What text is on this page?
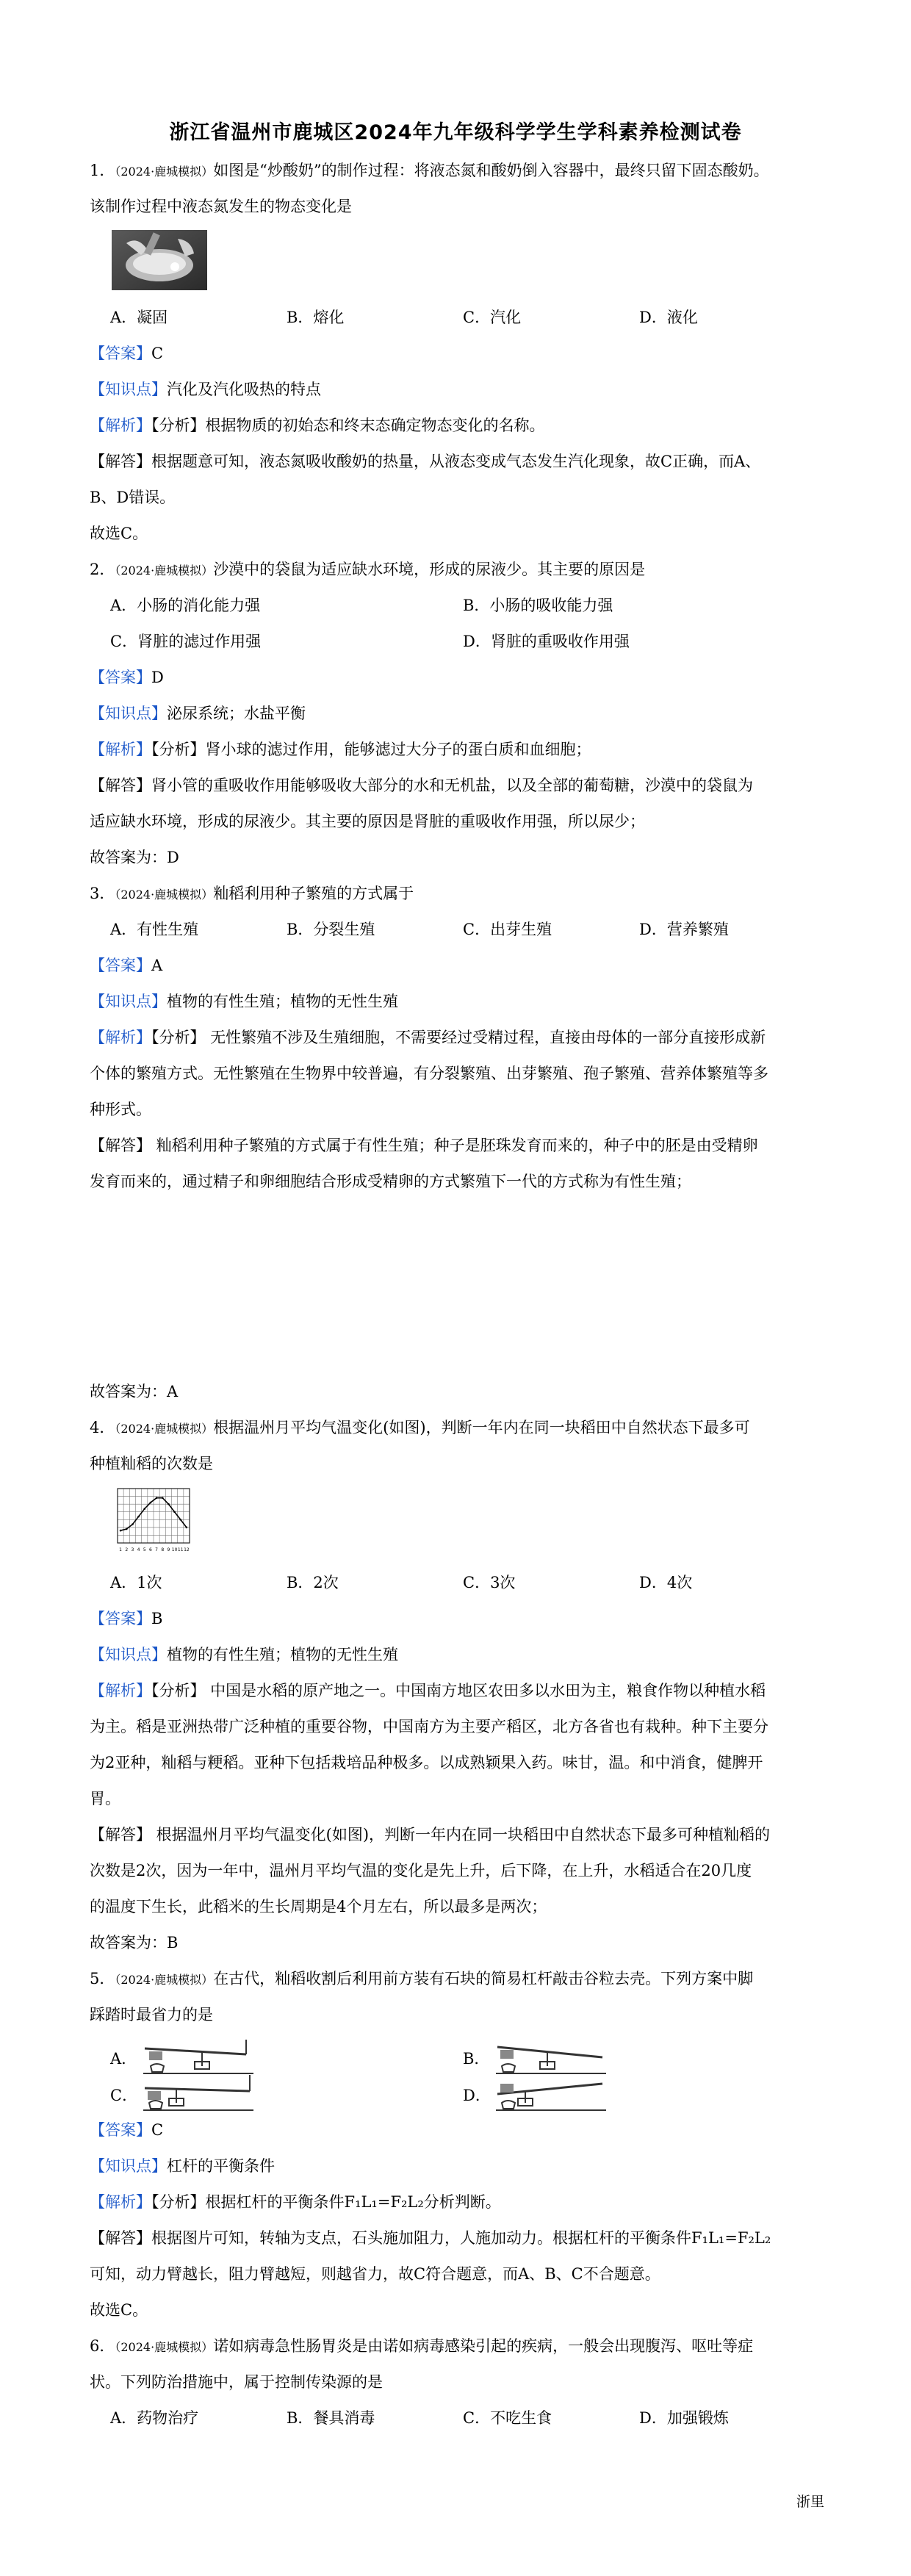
浙江省温州市鹿城区2024年九年级科学学生学科素养检测试卷
1．（2024·鹿城模拟）如图是“炒酸奶”的制作过程：将液态氮和酸奶倒入容器中，最终只留下固态酸奶。
该制作过程中液态氮发生的物态变化是
A．凝固	B．熔化	C．汽化	D．液化
【答案】C
【知识点】汽化及汽化吸热的特点
【解析】【分析】根据物质的初始态和终末态确定物态变化的名称。
【解答】根据题意可知，液态氮吸收酸奶的热量，从液态变成气态发生汽化现象，故C正确，而A、
B、D错误。
故选C。
2．（2024·鹿城模拟）沙漠中的袋鼠为适应缺水环境，形成的尿液少。其主要的原因是
A．小肠的消化能力强	B．小肠的吸收能力强
C．肾脏的滤过作用强	D．肾脏的重吸收作用强
【答案】D
【知识点】泌尿系统；水盐平衡
【解析】【分析】肾小球的滤过作用，能够滤过大分子的蛋白质和血细胞；
【解答】肾小管的重吸收作用能够吸收大部分的水和无机盐，以及全部的葡萄糖，沙漠中的袋鼠为
适应缺水环境，形成的尿液少。其主要的原因是肾脏的重吸收作用强，所以尿少；
故答案为：D
3．（2024·鹿城模拟）籼稻利用种子繁殖的方式属于
A．有性生殖	B．分裂生殖	C．出芽生殖	D．营养繁殖
【答案】A
【知识点】植物的有性生殖；植物的无性生殖
【解析】【分析】 无性繁殖不涉及生殖细胞，不需要经过受精过程，直接由母体的一部分直接形成新
个体的繁殖方式。无性繁殖在生物界中较普遍，有分裂繁殖、出芽繁殖、孢子繁殖、营养体繁殖等多
种形式。
【解答】 籼稻利用种子繁殖的方式属于有性生殖；种子是胚珠发育而来的，种子中的胚是由受精卵
发育而来的，通过精子和卵细胞结合形成受精卵的方式繁殖下一代的方式称为有性生殖；
故答案为：A
4．（2024·鹿城模拟）根据温州月平均气温变化(如图)，判断一年内在同一块稻田中自然状态下最多可
种植籼稻的次数是
1 2 3 4 5 6 7 8 9 10 11 12
A．1次	B．2次	C．3次	D．4次
【答案】B
【知识点】植物的有性生殖；植物的无性生殖
【解析】【分析】 中国是水稻的原产地之一。中国南方地区农田多以水田为主，粮食作物以种植水稻
为主。稻是亚洲热带广泛种植的重要谷物，中国南方为主要产稻区，北方各省也有栽种。种下主要分
为2亚种，籼稻与粳稻。亚种下包括栽培品种极多。以成熟颖果入药。味甘，温。和中消食，健脾开
胃。
【解答】 根据温州月平均气温变化(如图)，判断一年内在同一块稻田中自然状态下最多可种植籼稻的
次数是2次，因为一年中，温州月平均气温的变化是先上升，后下降，在上升，水稻适合在20几度
的温度下生长，此稻米的生长周期是4个月左右，所以最多是两次；
故答案为：B
5．（2024·鹿城模拟）在古代，籼稻收割后利用前方装有石块的简易杠杆敲击谷粒去壳。下列方案中脚
踩踏时最省力的是
A．	B．
C．	D．
【答案】C
【知识点】杠杆的平衡条件
【解析】【分析】根据杠杆的平衡条件F₁L₁=F₂L₂分析判断。
【解答】根据图片可知，转轴为支点，石头施加阻力，人施加动力。根据杠杆的平衡条件F₁L₁=F₂L₂
可知，动力臂越长，阻力臂越短，则越省力，故C符合题意，而A、B、C不合题意。
故选C。
6．（2024·鹿城模拟）诺如病毒急性肠胃炎是由诺如病毒感染引起的疾病，一般会出现腹泻、呕吐等症
状。下列防治措施中，属于控制传染源的是
A．药物治疗	B．餐具消毒	C．不吃生食	D．加强锻炼
浙里
